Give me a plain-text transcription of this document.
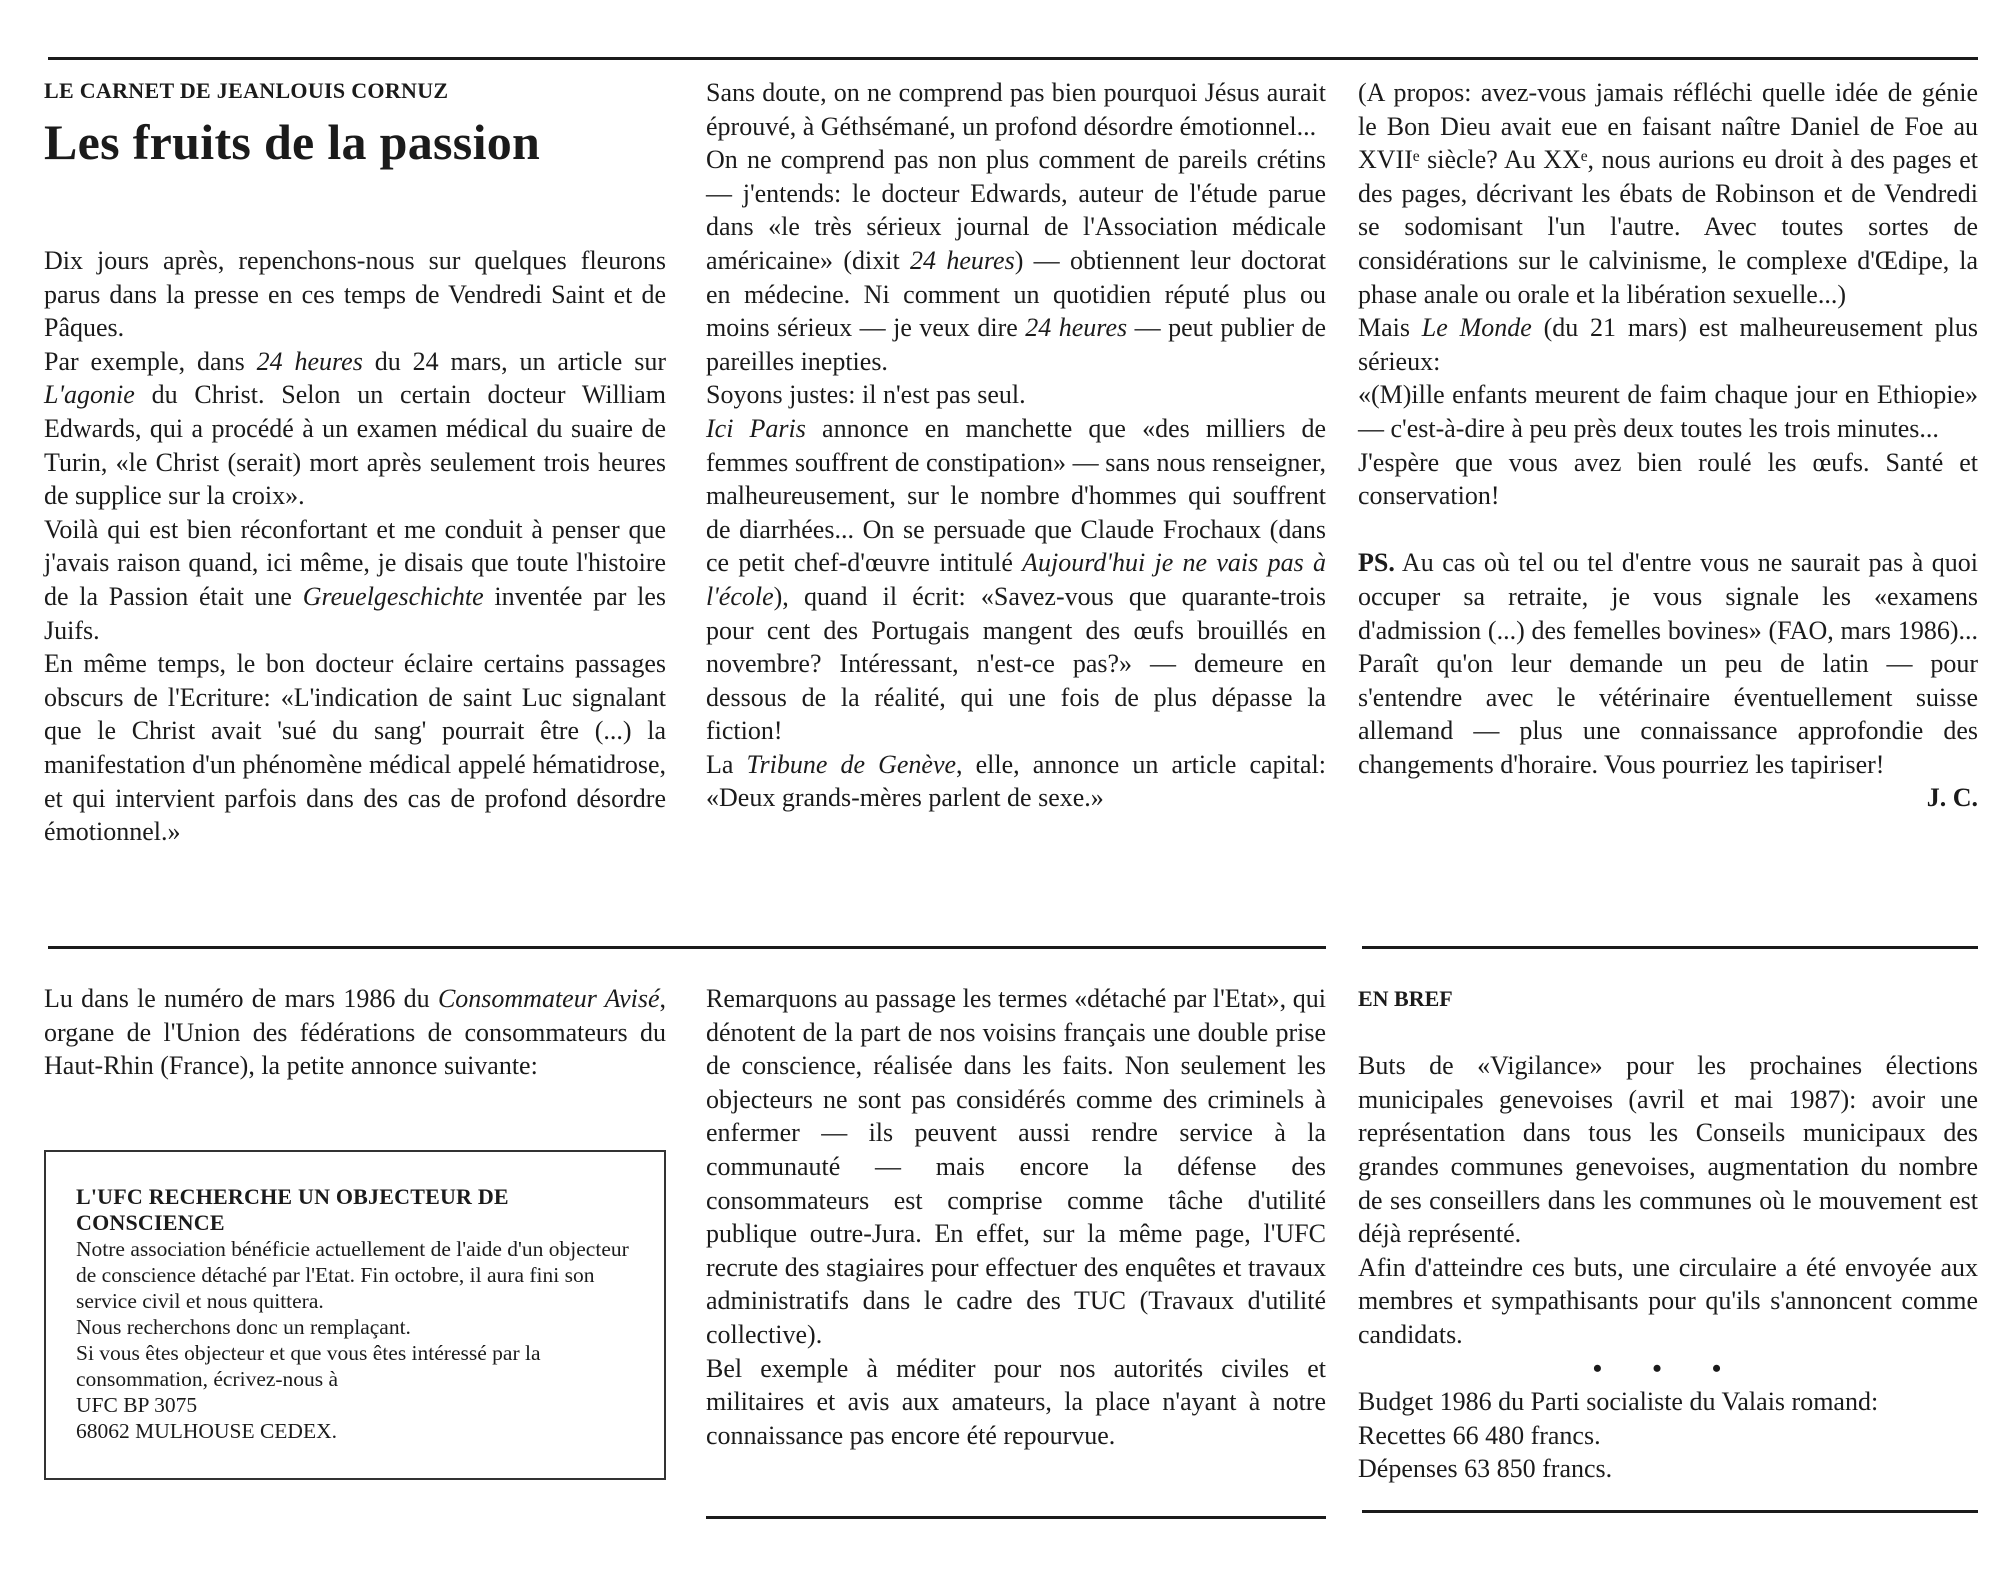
LE CARNET DE JEANLOUIS CORNUZ
Les fruits de la passion

Dix jours après, repenchons-nous sur quelques fleurons parus dans la presse en ces temps de Vendredi Saint et de Pâques.

Par exemple, dans 24 heures du 24 mars, un article sur L'agonie du Christ. Selon un certain docteur William Edwards, qui a procédé à un examen médical du suaire de Turin, «le Christ (serait) mort après seulement trois heures de supplice sur la croix».

Voilà qui est bien réconfortant et me conduit à penser que j'avais raison quand, ici même, je disais que toute l'histoire de la Passion était une Greuelgeschichte inventée par les Juifs.

En même temps, le bon docteur éclaire certains passages obscurs de l'Ecriture: «L'indication de saint Luc signalant que le Christ avait 'sué du sang' pourrait être (...) la manifestation d'un phénomène médical appelé hématidrose, et qui intervient parfois dans des cas de profond désordre émotionnel.»

Sans doute, on ne comprend pas bien pourquoi Jésus aurait éprouvé, à Géthsémané, un profond désordre émotionnel...

On ne comprend pas non plus comment de pareils crétins — j'entends: le docteur Edwards, auteur de l'étude parue dans «le très sérieux journal de l'Association médicale américaine» (dixit 24 heures) — obtiennent leur doctorat en médecine. Ni comment un quotidien réputé plus ou moins sérieux — je veux dire 24 heures — peut publier de pareilles inepties.

Soyons justes: il n'est pas seul.

Ici Paris annonce en manchette que «des milliers de femmes souffrent de constipation» — sans nous renseigner, malheureusement, sur le nombre d'hommes qui souffrent de diarrhées... On se persuade que Claude Frochaux (dans ce petit chef-d'œuvre intitulé Aujourd'hui je ne vais pas à l'école), quand il écrit: «Savez-vous que quarante-trois pour cent des Portugais mangent des œufs brouillés en novembre? Intéressant, n'est-ce pas?» — demeure en dessous de la réalité, qui une fois de plus dépasse la fiction!

La Tribune de Genève, elle, annonce un article capital: «Deux grands-mères parlent de sexe.»

(A propos: avez-vous jamais réfléchi quelle idée de génie le Bon Dieu avait eue en faisant naître Daniel de Foe au XVIIᵉ siècle? Au XXᵉ, nous aurions eu droit à des pages et des pages, décrivant les ébats de Robinson et de Vendredi se sodomisant l'un l'autre. Avec toutes sortes de considérations sur le calvinisme, le complexe d'Œdipe, la phase anale ou orale et la libération sexuelle...)

Mais Le Monde (du 21 mars) est malheureusement plus sérieux:

«(M)ille enfants meurent de faim chaque jour en Ethiopie» — c'est-à-dire à peu près deux toutes les trois minutes...

J'espère que vous avez bien roulé les œufs. Santé et conservation!

PS. Au cas où tel ou tel d'entre vous ne saurait pas à quoi occuper sa retraite, je vous signale les «examens d'admission (...) des femelles bovines» (FAO, mars 1986)... Paraît qu'on leur demande un peu de latin — pour s'entendre avec le vétérinaire éventuellement suisse allemand — plus une connaissance approfondie des changements d'horaire. Vous pourriez les tapiriser!

J. C.

Lu dans le numéro de mars 1986 du Consommateur Avisé, organe de l'Union des fédérations de consommateurs du Haut-Rhin (France), la petite annonce suivante:

L'UFC RECHERCHE UN OBJECTEUR DE CONSCIENCE

Notre association bénéficie actuellement de l'aide d'un objecteur de conscience détaché par l'Etat. Fin octobre, il aura fini son service civil et nous quittera.

Nous recherchons donc un remplaçant.

Si vous êtes objecteur et que vous êtes intéressé par la consommation, écrivez-nous à

UFC BP 3075

68062 MULHOUSE CEDEX.

Remarquons au passage les termes «détaché par l'Etat», qui dénotent de la part de nos voisins français une double prise de conscience, réalisée dans les faits. Non seulement les objecteurs ne sont pas considérés comme des criminels à enfermer — ils peuvent aussi rendre service à la communauté — mais encore la défense des consommateurs est comprise comme tâche d'utilité publique outre-Jura. En effet, sur la même page, l'UFC recrute des stagiaires pour effectuer des enquêtes et travaux administratifs dans le cadre des TUC (Travaux d'utilité collective).

Bel exemple à méditer pour nos autorités civiles et militaires et avis aux amateurs, la place n'ayant à notre connaissance pas encore été repourvue.

EN BREF

Buts de «Vigilance» pour les prochaines élections municipales genevoises (avril et mai 1987): avoir une représentation dans tous les Conseils municipaux des grandes communes genevoises, augmentation du nombre de ses conseillers dans les communes où le mouvement est déjà représenté.

Afin d'atteindre ces buts, une circulaire a été envoyée aux membres et sympathisants pour qu'ils s'annoncent comme candidats.

• • •

Budget 1986 du Parti socialiste du Valais romand:

Recettes 66 480 francs.

Dépenses 63 850 francs.
